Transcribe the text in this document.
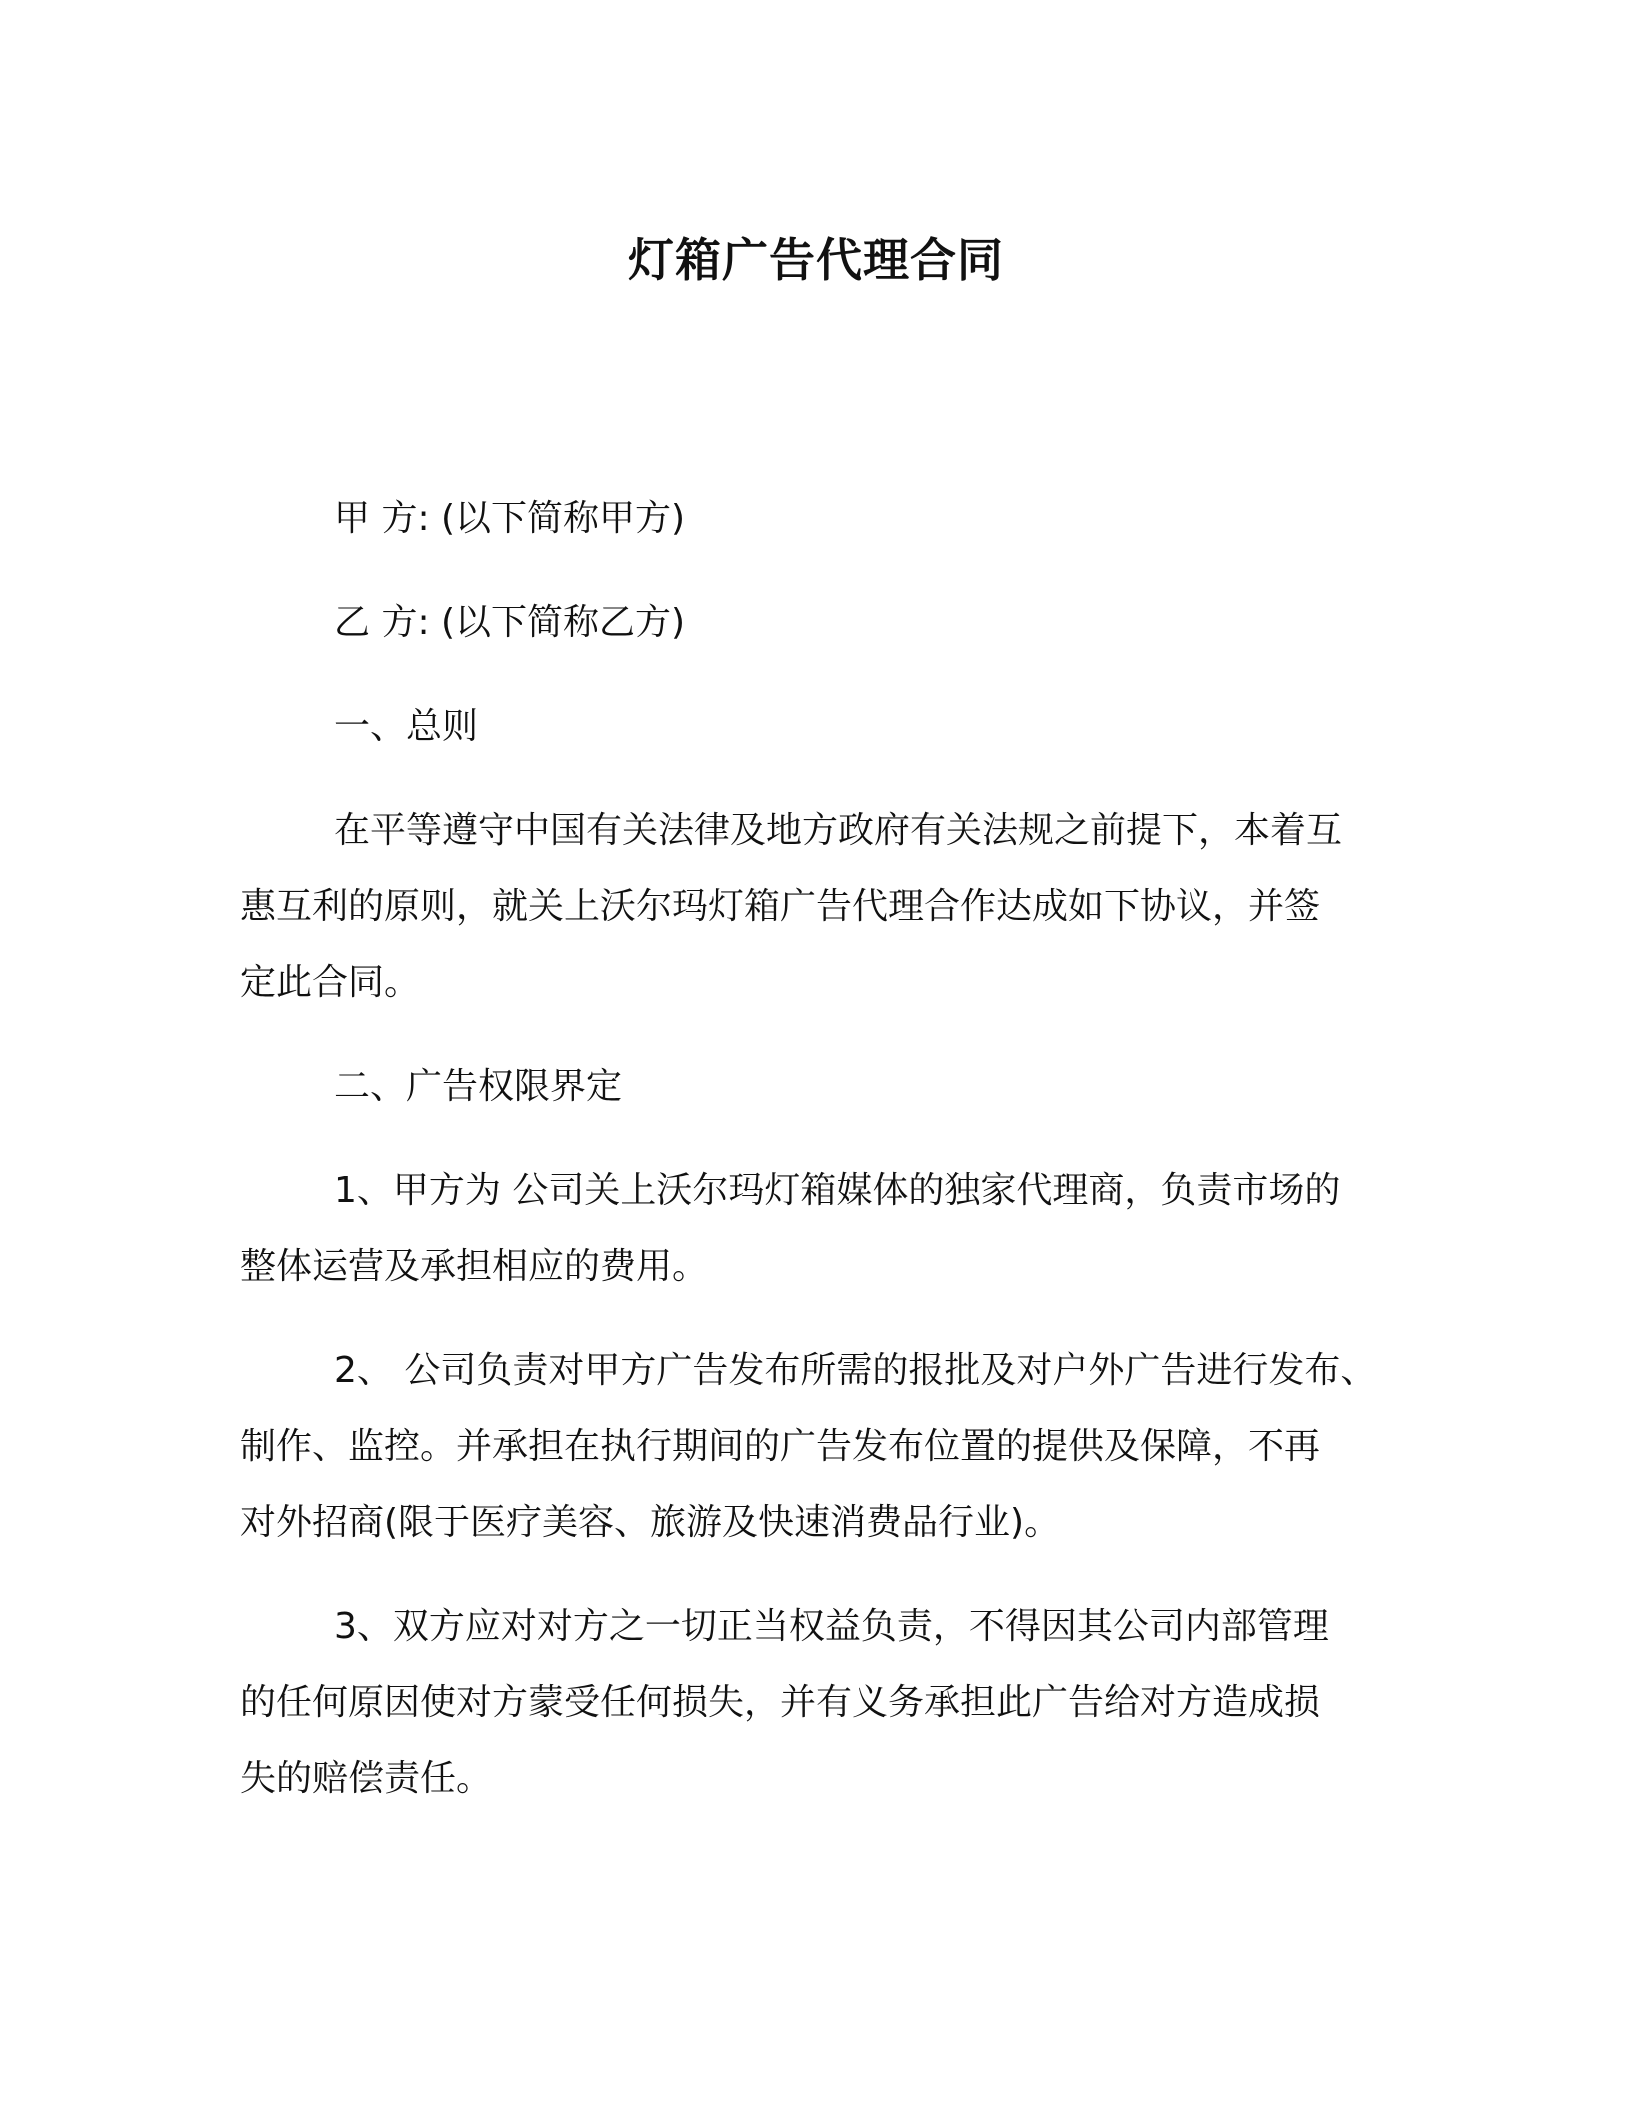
灯箱广告代理合同

甲 方: (以下简称甲方)

乙 方: (以下简称乙方)

一、总则

在平等遵守中国有关法律及地方政府有关法规之前提下，本着互

惠互利的原则，就关上沃尔玛灯箱广告代理合作达成如下协议，并签

定此合同。

二、广告权限界定

1、甲方为 公司关上沃尔玛灯箱媒体的独家代理商，负责市场的

整体运营及承担相应的费用。

2、 公司负责对甲方广告发布所需的报批及对户外广告进行发布、

制作、监控。并承担在执行期间的广告发布位置的提供及保障，不再

对外招商(限于医疗美容、旅游及快速消费品行业)。

3、双方应对对方之一切正当权益负责，不得因其公司内部管理

的任何原因使对方蒙受任何损失，并有义务承担此广告给对方造成损

失的赔偿责任。
